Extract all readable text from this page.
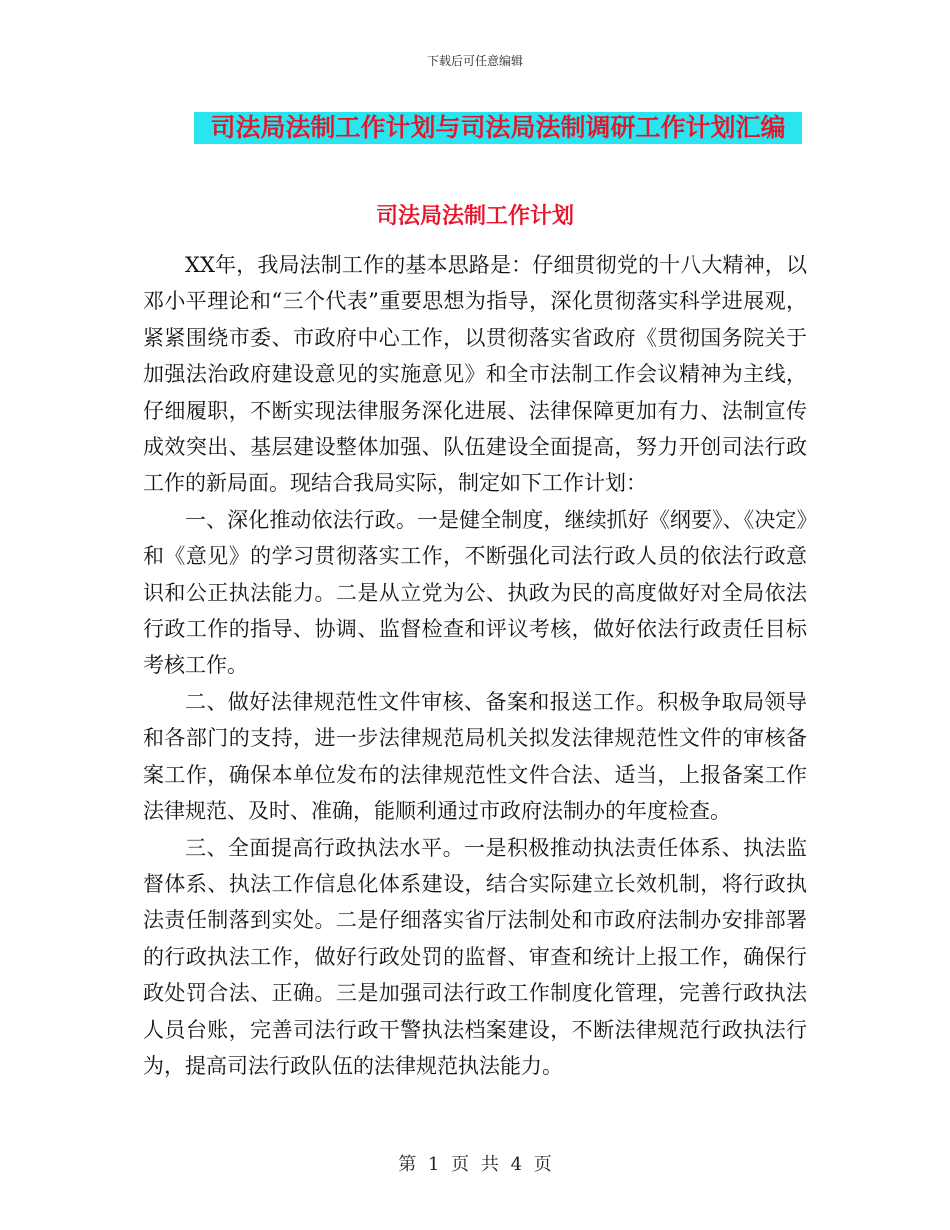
下载后可任意编辑
司法局法制工作计划与司法局法制调研工作计划汇编
司法局法制工作计划

XX年，我局法制工作的基本思路是：仔细贯彻党的十八大精神，以邓小平理论和“三个代表”重要思想为指导，深化贯彻落实科学进展观，紧紧围绕市委、市政府中心工作，以贯彻落实省政府《贯彻国务院关于加强法治政府建设意见的实施意见》和全市法制工作会议精神为主线，仔细履职，不断实现法律服务深化进展、法律保障更加有力、法制宣传成效突出、基层建设整体加强、队伍建设全面提高，努力开创司法行政工作的新局面。现结合我局实际，制定如下工作计划：

一、深化推动依法行政。一是健全制度，继续抓好《纲要》、《决定》和《意见》的学习贯彻落实工作，不断强化司法行政人员的依法行政意识和公正执法能力。二是从立党为公、执政为民的高度做好对全局依法行政工作的指导、协调、监督检查和评议考核，做好依法行政责任目标考核工作。

二、做好法律规范性文件审核、备案和报送工作。积极争取局领导和各部门的支持，进一步法律规范局机关拟发法律规范性文件的审核备案工作，确保本单位发布的法律规范性文件合法、适当，上报备案工作法律规范、及时、准确，能顺利通过市政府法制办的年度检查。

三、全面提高行政执法水平。一是积极推动执法责任体系、执法监督体系、执法工作信息化体系建设，结合实际建立长效机制，将行政执法责任制落到实处。二是仔细落实省厅法制处和市政府法制办安排部署的行政执法工作，做好行政处罚的监督、审查和统计上报工作，确保行政处罚合法、正确。三是加强司法行政工作制度化管理，完善行政执法人员台账，完善司法行政干警执法档案建设，不断法律规范行政执法行为，提高司法行政队伍的法律规范执法能力。

第 1 页 共 4 页
